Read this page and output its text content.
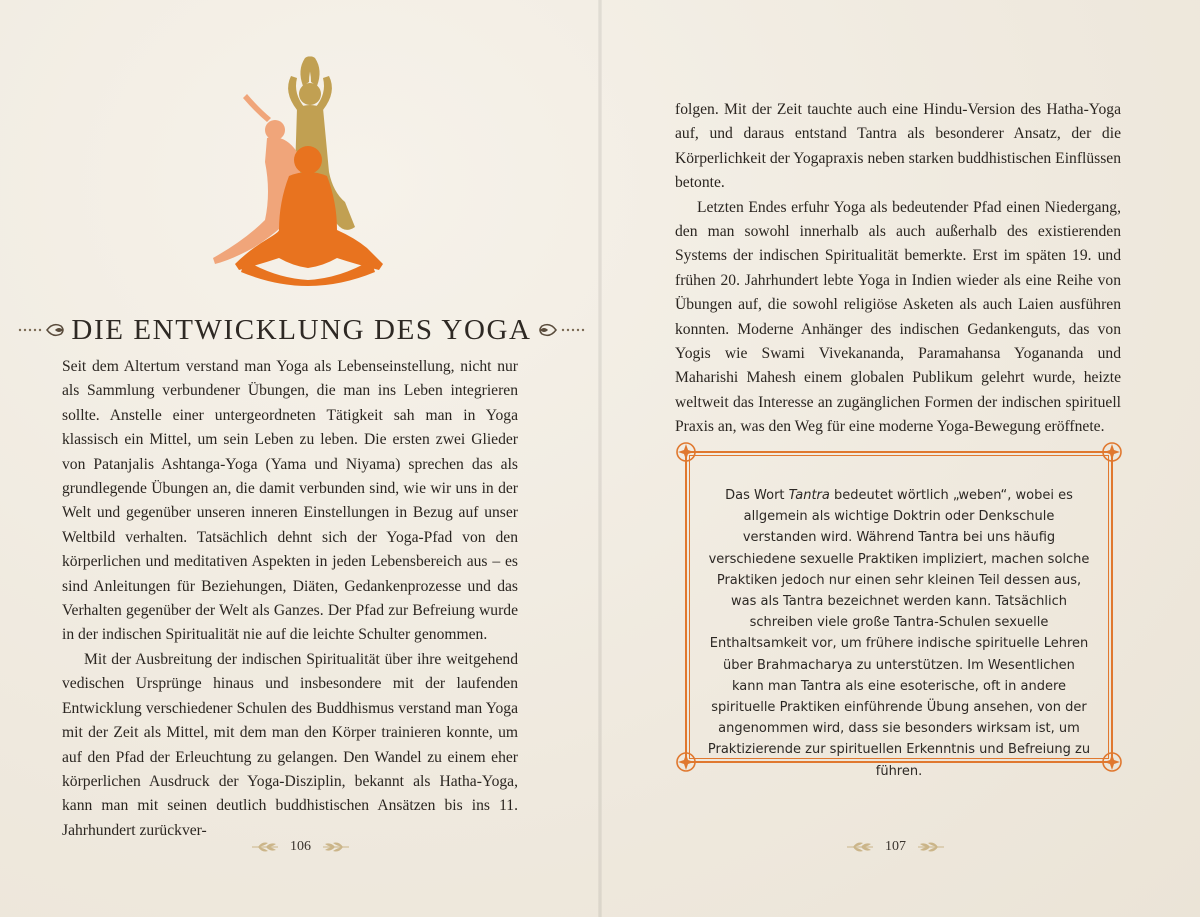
DIE ENTWICKLUNG DES YOGA

Seit dem Altertum verstand man Yoga als Lebenseinstellung, nicht nur als Sammlung verbundener Übungen, die man ins Leben integrieren sollte. Anstelle einer untergeordneten Tätigkeit sah man in Yoga klassisch ein Mittel, um sein Leben zu leben. Die ersten zwei Glieder von Patanjalis Ashtanga-Yoga (Yama und Niyama) sprechen das als grundlegende Übungen an, die damit verbunden sind, wie wir uns in der Welt und gegenüber unseren inneren Einstellungen in Bezug auf unser Weltbild verhalten. Tatsächlich dehnt sich der Yoga-Pfad von den körperlichen und meditativen Aspekten in jeden Lebensbereich aus – es sind Anleitungen für Beziehungen, Diäten, Gedankenprozesse und das Verhalten gegenüber der Welt als Ganzes. Der Pfad zur Befreiung wurde in der indischen Spiritualität nie auf die leichte Schulter genommen.

Mit der Ausbreitung der indischen Spiritualität über ihre weitgehend vedischen Ursprünge hinaus und insbesondere mit der laufenden Entwicklung verschiedener Schulen des Buddhismus verstand man Yoga mit der Zeit als Mittel, mit dem man den Körper trainieren konnte, um auf den Pfad der Erleuchtung zu gelangen. Den Wandel zu einem eher körperlichen Ausdruck der Yoga-Disziplin, bekannt als Hatha-Yoga, kann man mit seinen deutlich buddhistischen Ansätzen bis ins 11. Jahrhundert zurückver-

106

folgen. Mit der Zeit tauchte auch eine Hindu-Version des Hatha-Yoga auf, und daraus entstand Tantra als besonderer Ansatz, der die Körperlichkeit der Yogapraxis neben starken buddhistischen Einflüssen betonte.

Letzten Endes erfuhr Yoga als bedeutender Pfad einen Niedergang, den man sowohl innerhalb als auch außerhalb des existierenden Systems der indischen Spiritualität bemerkte. Erst im späten 19. und frühen 20. Jahrhundert lebte Yoga in Indien wieder als eine Reihe von Übungen auf, die sowohl religiöse Asketen als auch Laien ausführen konnten. Moderne Anhänger des indischen Gedankenguts, das von Yogis wie Swami Vivekananda, Paramahansa Yogananda und Maharishi Mahesh einem globalen Publikum gelehrt wurde, heizte weltweit das Interesse an zugänglichen Formen der indischen spirituell Praxis an, was den Weg für eine moderne Yoga-Bewegung eröffnete.

Das Wort Tantra bedeutet wörtlich „weben“, wobei es allgemein als wichtige Doktrin oder Denkschule verstanden wird. Während Tantra bei uns häufig verschiedene sexuelle Praktiken impliziert, machen solche Praktiken jedoch nur einen sehr kleinen Teil dessen aus, was als Tantra bezeichnet werden kann. Tatsächlich schreiben viele große Tantra-Schulen sexuelle Enthaltsamkeit vor, um frühere indische spirituelle Lehren über Brahmacharya zu unterstützen. Im Wesentlichen kann man Tantra als eine esoterische, oft in andere spirituelle Praktiken einführende Übung ansehen, von der angenommen wird, dass sie besonders wirksam ist, um Praktizierende zur spirituellen Erkenntnis und Befreiung zu führen.

107
